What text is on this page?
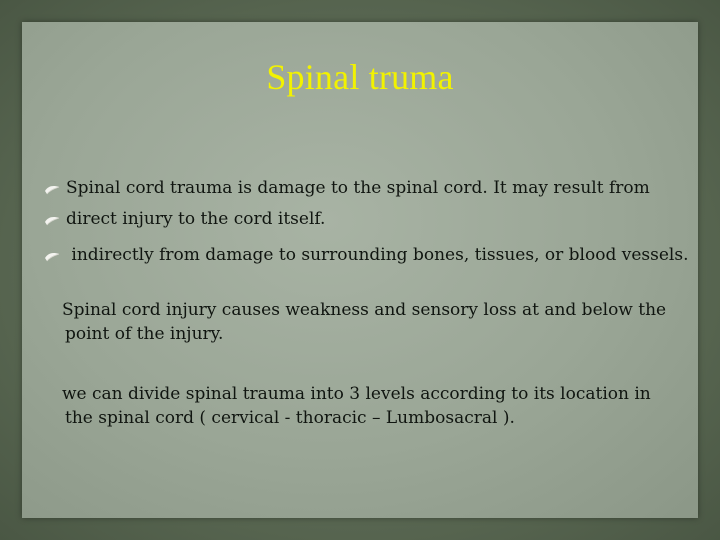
Spinal truma
Spinal cord trauma is damage to the spinal cord. It may result from
direct injury to the cord itself.
indirectly from damage to surrounding bones, tissues, or blood vessels.
Spinal cord injury causes weakness and sensory loss at and below the
point of the injury.
we can divide spinal trauma into 3 levels according to its location in
the spinal cord ( cervical - thoracic – Lumbosacral ).
